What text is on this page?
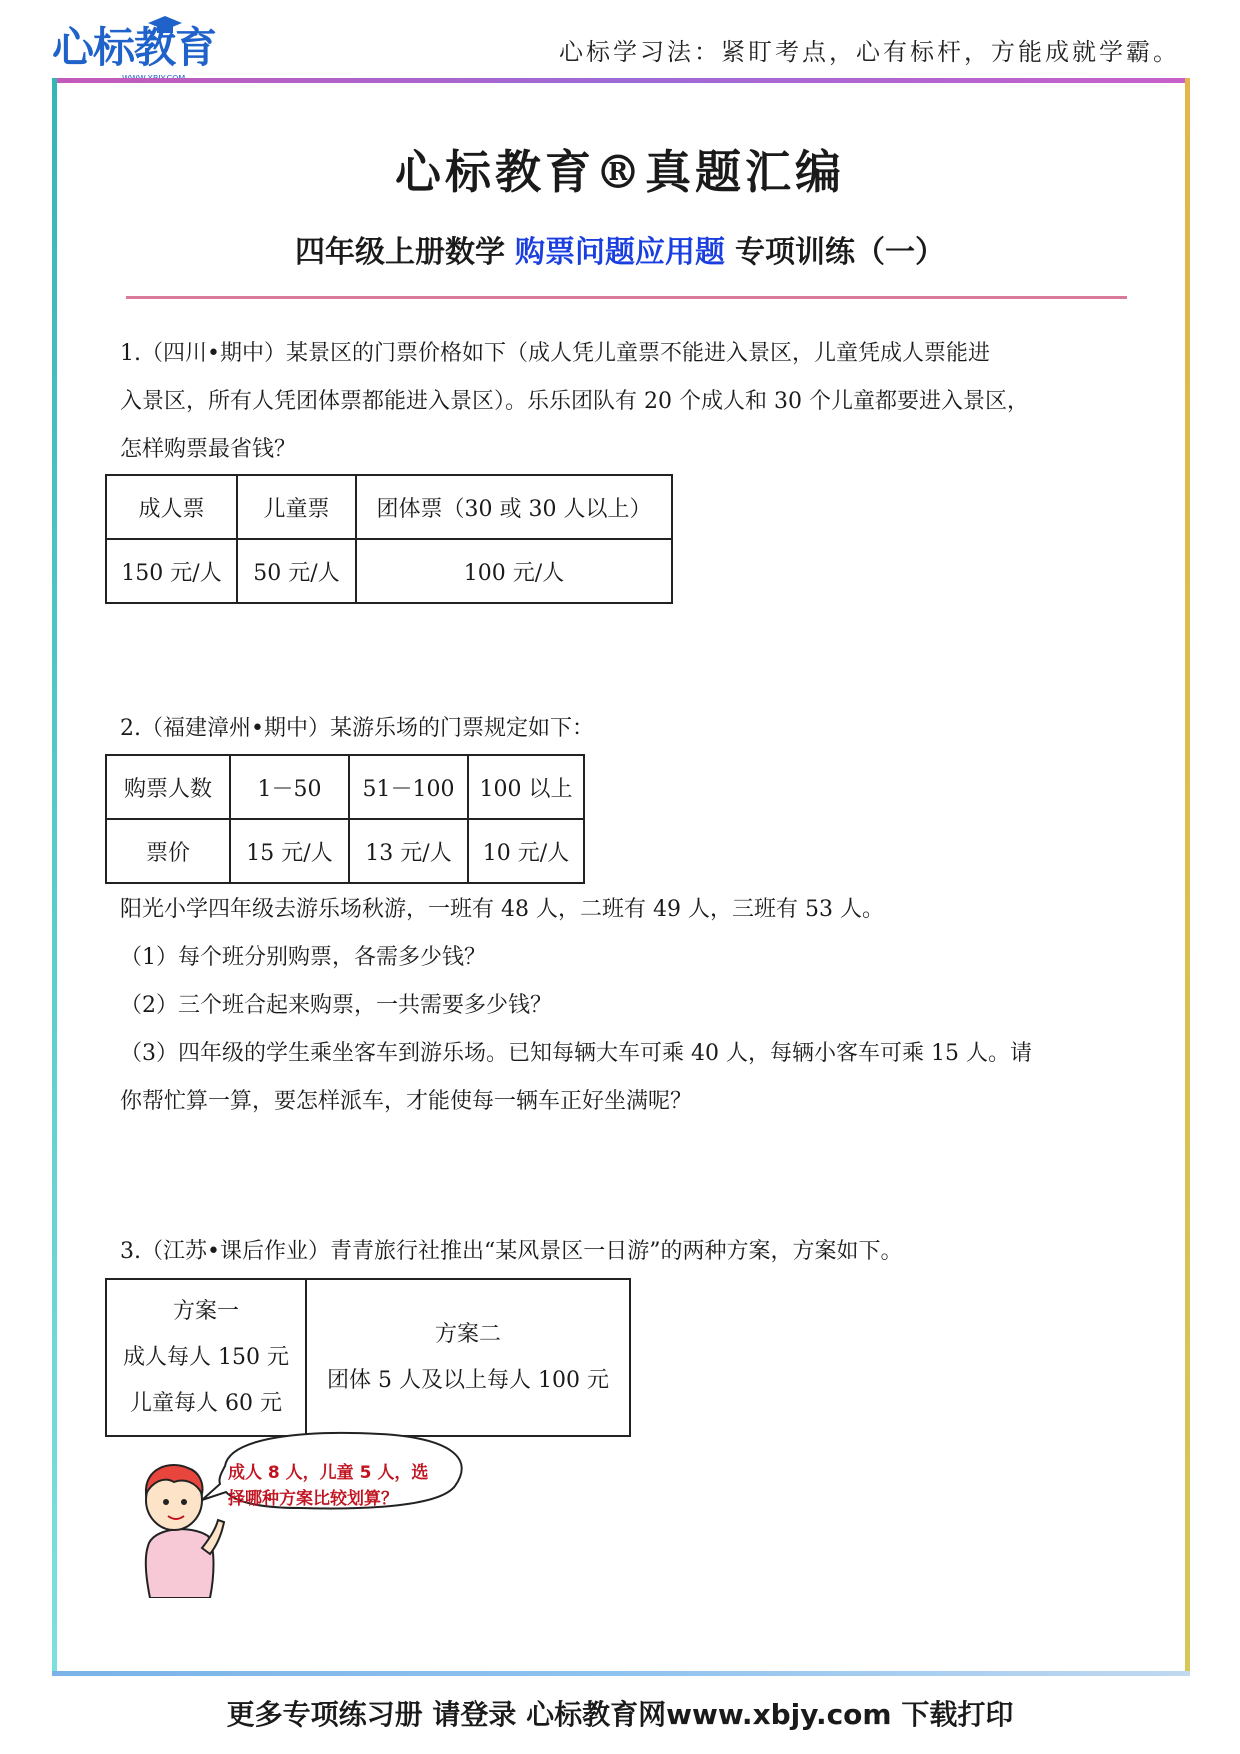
心标教育	心标学习法：紧盯考点，心有标杆，方能成就学霸。
心标教育®真题汇编
四年级上册数学 购票问题应用题 专项训练（一）
1.（四川•期中）某景区的门票价格如下（成人凭儿童票不能进入景区，儿童凭成人票能进
入景区，所有人凭团体票都能进入景区）。乐乐团队有 20 个成人和 30 个儿童都要进入景区，
怎样购票最省钱？
成人票	儿童票	团体票（30 或 30 人以上）
150 元/人	50 元/人	100 元/人
2.（福建漳州•期中）某游乐场的门票规定如下：
购票人数	1－50	51－100	100 以上
票价	15 元/人	13 元/人	10 元/人
阳光小学四年级去游乐场秋游，一班有 48 人，二班有 49 人，三班有 53 人。
（1）每个班分别购票，各需多少钱？
（2）三个班合起来购票，一共需要多少钱？
（3）四年级的学生乘坐客车到游乐场。已知每辆大车可乘 40 人，每辆小客车可乘 15 人。请
你帮忙算一算，要怎样派车，才能使每一辆车正好坐满呢？
3.（江苏•课后作业）青青旅行社推出“某风景区一日游”的两种方案，方案如下。
方案一
成人每人 150 元
儿童每人 60 元

方案二
团体 5 人及以上每人 100 元
成人 8 人，儿童 5 人，选
择哪种方案比较划算？
更多专项练习册 请登录 心标教育网www.xbjy.com 下载打印
